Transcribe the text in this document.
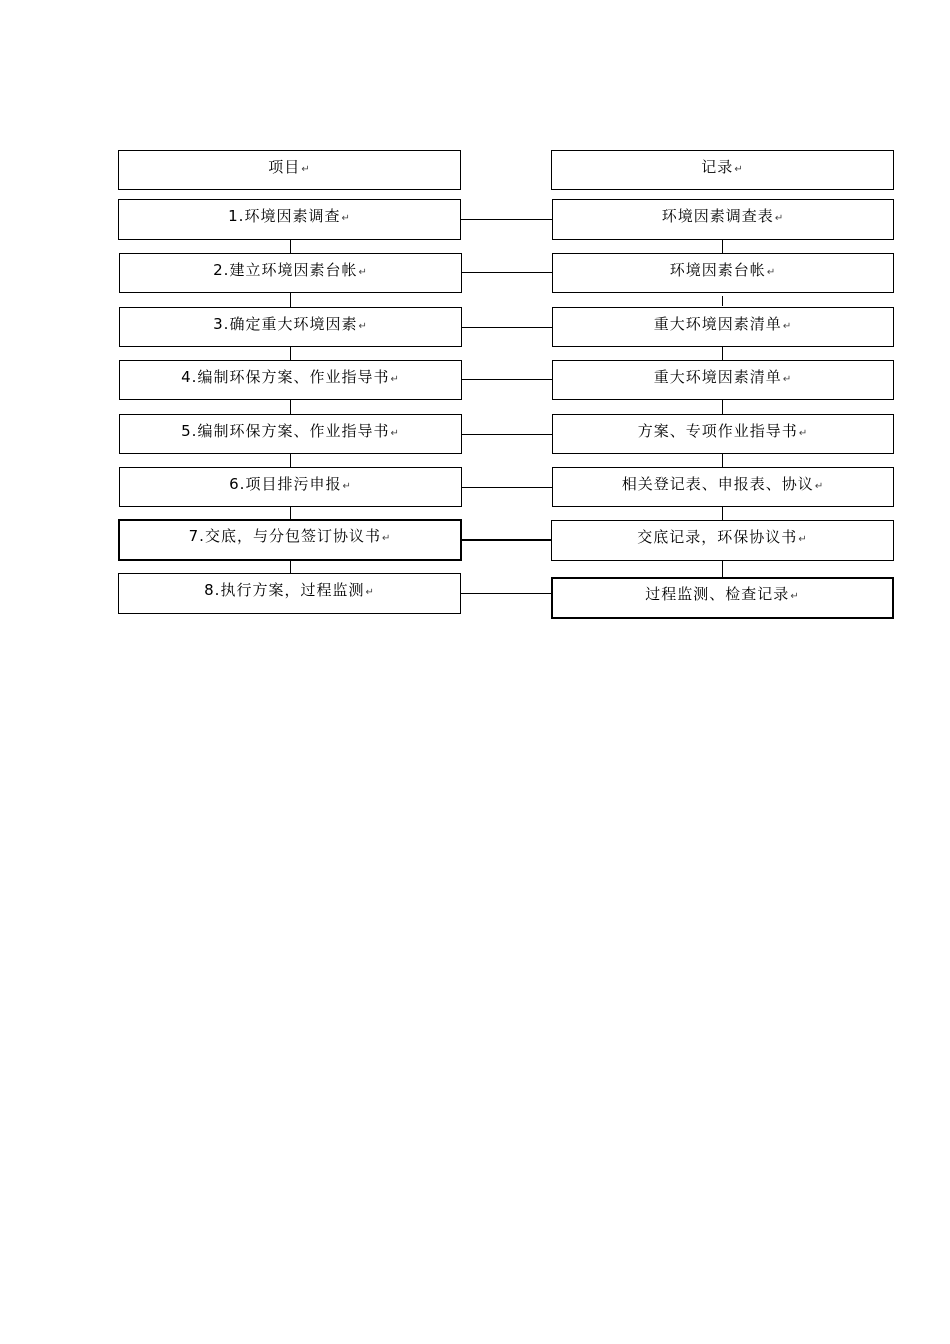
项目↵	记录↵
1.环境因素调查↵	环境因素调查表↵
2.建立环境因素台帐↵	环境因素台帐↵
3.确定重大环境因素↵	重大环境因素清单↵
4.编制环保方案、作业指导书↵	重大环境因素清单↵
5.编制环保方案、作业指导书↵	方案、专项作业指导书↵
6.项目排污申报↵	相关登记表、申报表、协议↵
7.交底，与分包签订协议书↵	交底记录，环保协议书↵
8.执行方案，过程监测↵	过程监测、检查记录↵
